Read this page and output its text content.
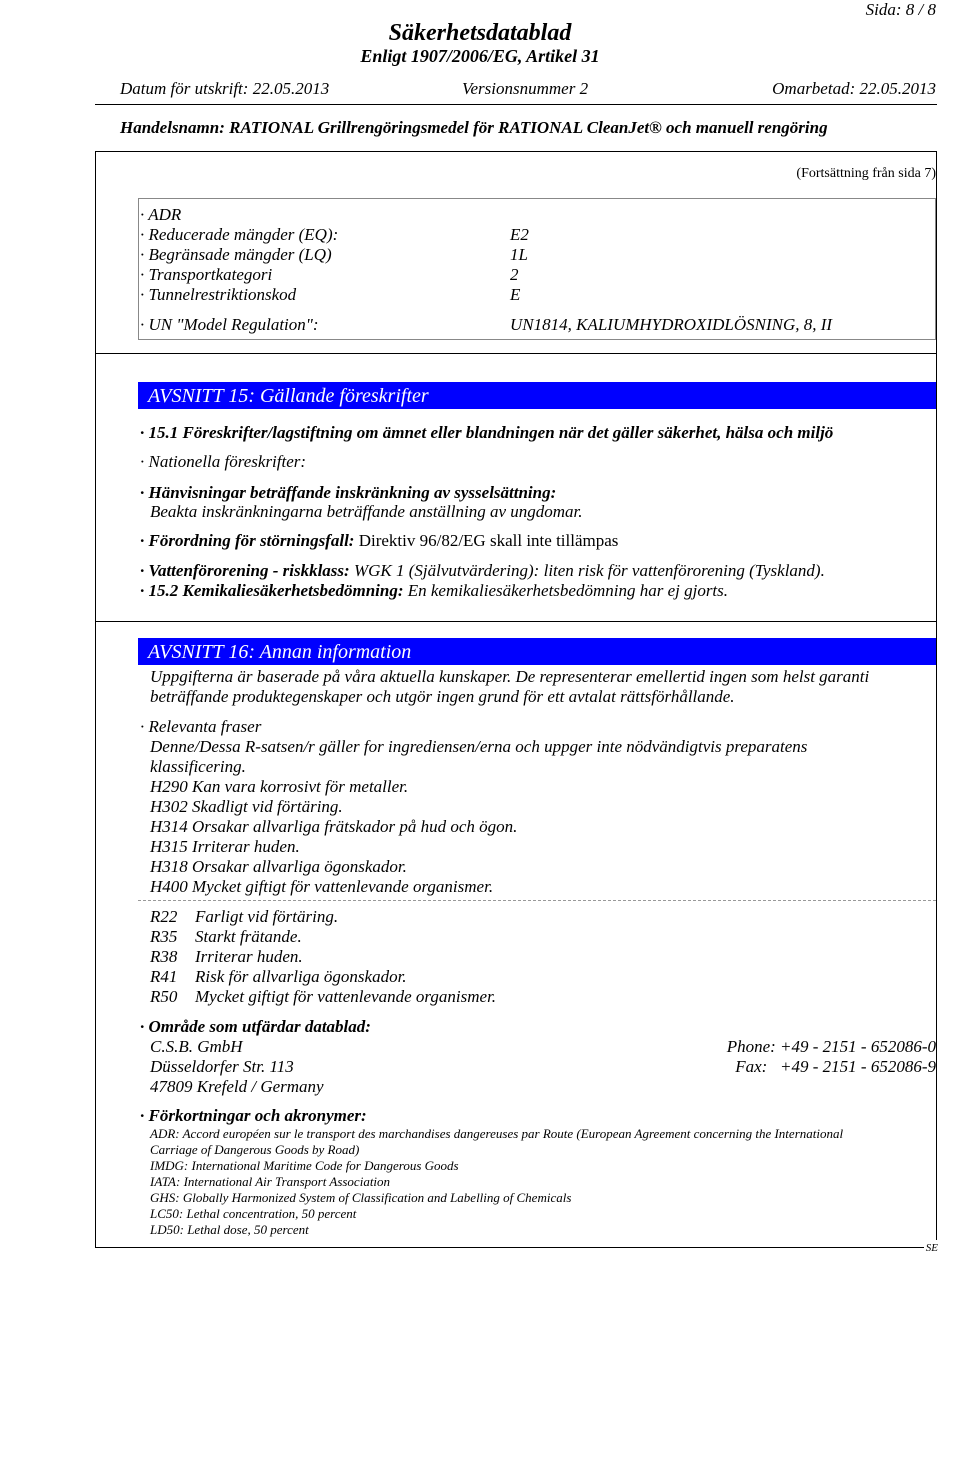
Sida: 8 / 8
Säkerhetsdatablad
Enligt 1907/2006/EG, Artikel 31
Datum för utskrift: 22.05.2013	Versionsnummer 2	Omarbetad: 22.05.2013
Handelsnamn: RATIONAL Grillrengöringsmedel för RATIONAL CleanJet® och manuell rengöring
(Fortsättning från sida 7)
· ADR
· Reducerade mängder (EQ):	E2
· Begränsade mängder (LQ)	1L
· Transportkategori	2
· Tunnelrestriktionskod	E
· UN "Model Regulation":	UN1814, KALIUMHYDROXIDLÖSNING, 8, II
AVSNITT 15: Gällande föreskrifter
· 15.1 Föreskrifter/lagstiftning om ämnet eller blandningen när det gäller säkerhet, hälsa och miljö
· Nationella föreskrifter:
· Hänvisningar beträffande inskränkning av sysselsättning:
Beakta inskränkningarna beträffande anställning av ungdomar.
· Förordning för störningsfall: Direktiv 96/82/EG skall inte tillämpas
· Vattenförorening - riskklass: WGK 1 (Självutvärdering): liten risk för vattenförorening (Tyskland).
· 15.2 Kemikaliesäkerhetsbedömning: En kemikaliesäkerhetsbedömning har ej gjorts.
AVSNITT 16: Annan information
Uppgifterna är baserade på våra aktuella kunskaper. De representerar emellertid ingen som helst garanti
beträffande produktegenskaper och utgör ingen grund för ett avtalat rättsförhållande.
· Relevanta fraser
Denne/Dessa R-satsen/r gäller for ingrediensen/erna och uppger inte nödvändigtvis preparatens
klassificering.
H290 Kan vara korrosivt för metaller.
H302 Skadligt vid förtäring.
H314 Orsakar allvarliga frätskador på hud och ögon.
H315 Irriterar huden.
H318 Orsakar allvarliga ögonskador.
H400 Mycket giftigt för vattenlevande organismer.
R22 Farligt vid förtäring.
R35 Starkt frätande.
R38 Irriterar huden.
R41 Risk för allvarliga ögonskador.
R50 Mycket giftigt för vattenlevande organismer.
· Område som utfärdar datablad:
C.S.B. GmbH
Düsseldorfer Str. 113
47809 Krefeld / Germany
Phone: +49 - 2151 - 652086-0
Fax:   +49 - 2151 - 652086-9
· Förkortningar och akronymer:
ADR: Accord européen sur le transport des marchandises dangereuses par Route (European Agreement concerning the International
Carriage of Dangerous Goods by Road)
IMDG: International Maritime Code for Dangerous Goods
IATA: International Air Transport Association
GHS: Globally Harmonized System of Classification and Labelling of Chemicals
LC50: Lethal concentration, 50 percent
LD50: Lethal dose, 50 percent
SE
